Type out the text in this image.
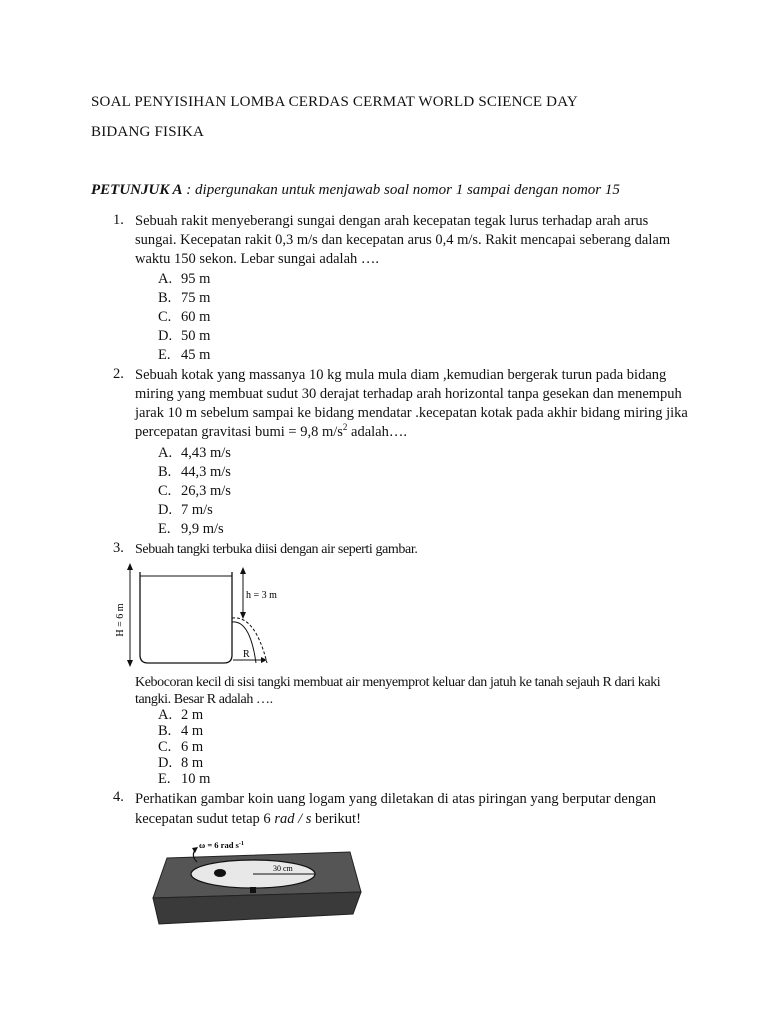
SOAL PENYISIHAN LOMBA CERDAS CERMAT WORLD SCIENCE DAY
BIDANG FISIKA
PETUNJUK A : dipergunakan untuk menjawab soal nomor 1 sampai dengan nomor 15
1. Sebuah rakit menyeberangi sungai dengan arah kecepatan tegak lurus terhadap arah arus sungai. Kecepatan rakit 0,3 m/s dan kecepatan arus 0,4 m/s. Rakit mencapai seberang dalam waktu 150 sekon. Lebar sungai adalah ….
A. 95 m
B. 75 m
C. 60 m
D. 50 m
E. 45 m
2. Sebuah kotak yang massanya 10 kg mula mula diam ,kemudian bergerak turun pada bidang miring yang membuat sudut 30 derajat terhadap arah horizontal tanpa gesekan dan menempuh jarak 10 m sebelum sampai ke bidang mendatar .kecepatan kotak pada akhir bidang miring jika percepatan gravitasi bumi = 9,8 $m/s^2$ adalah….
A. 4,43 m/s
B. 44,3 m/s
C. 26,3 m/s
D. 7 m/s
E. 9,9 m/s
3. Sebuah tangki terbuka diisi dengan air seperti gambar.
H = 6 m
h = 3 m
R
Kebocoran kecil di sisi tangki membuat air menyemprot keluar dan jatuh ke tanah sejauh R dari kaki tangki. Besar R adalah ….
A. 2 m
B. 4 m
C. 6 m
D. 8 m
E. 10 m
4. Perhatikan gambar koin uang logam yang diletakan di atas piringan yang berputar dengan kecepatan sudut tetap 6 rad / s berikut!
30 cm
ω = 6 rad $s^{-1}$
